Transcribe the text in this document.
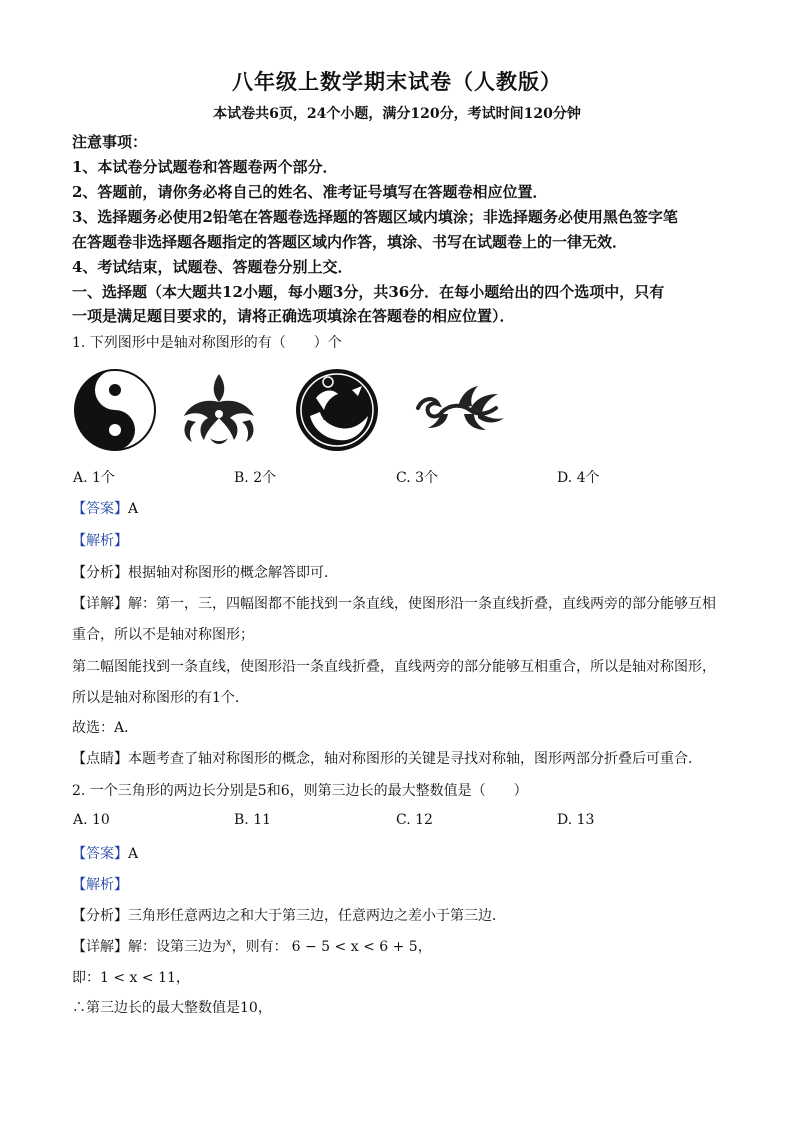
八年级上数学期末试卷（人教版）
本试卷共6页，24个小题，满分120分，考试时间120分钟
注意事项：
1、本试卷分试题卷和答题卷两个部分．
2、答题前，请你务必将自己的姓名、准考证号填写在答题卷相应位置．
3、选择题务必使用2铅笔在答题卷选择题的答题区域内填涂；非选择题务必使用黑色签字笔
在答题卷非选择题各题指定的答题区域内作答，填涂、书写在试题卷上的一律无效．
4、考试结束，试题卷、答题卷分别上交．
一、选择题（本大题共12小题，每小题3分，共36分．在每小题给出的四个选项中，只有
一项是满足题目要求的，请将正确选项填涂在答题卷的相应位置）．
1. 下列图形中是轴对称图形的有（　　）个
♏
A. 1个	B. 2个	C. 3个	D. 4个
【答案】A
【解析】
【分析】根据轴对称图形的概念解答即可．
【详解】解：第一，三，四幅图都不能找到一条直线，使图形沿一条直线折叠，直线两旁的部分能够互相
重合，所以不是轴对称图形；
第二幅图能找到一条直线，使图形沿一条直线折叠，直线两旁的部分能够互相重合，所以是轴对称图形，
所以是轴对称图形的有1个．
故选：A．
【点睛】本题考查了轴对称图形的概念，轴对称图形的关键是寻找对称轴，图形两部分折叠后可重合．
2. 一个三角形的两边长分别是5和6，则第三边长的最大整数值是（　　）
A. 10	B. 11	C. 12	D. 13
【答案】A
【解析】
【分析】三角形任意两边之和大于第三边，任意两边之差小于第三边．
【详解】解：设第三边为$^x$，则有： 6 − 5 < x < 6 + 5，
即：1 < x < 11，
∴第三边长的最大整数值是10，
